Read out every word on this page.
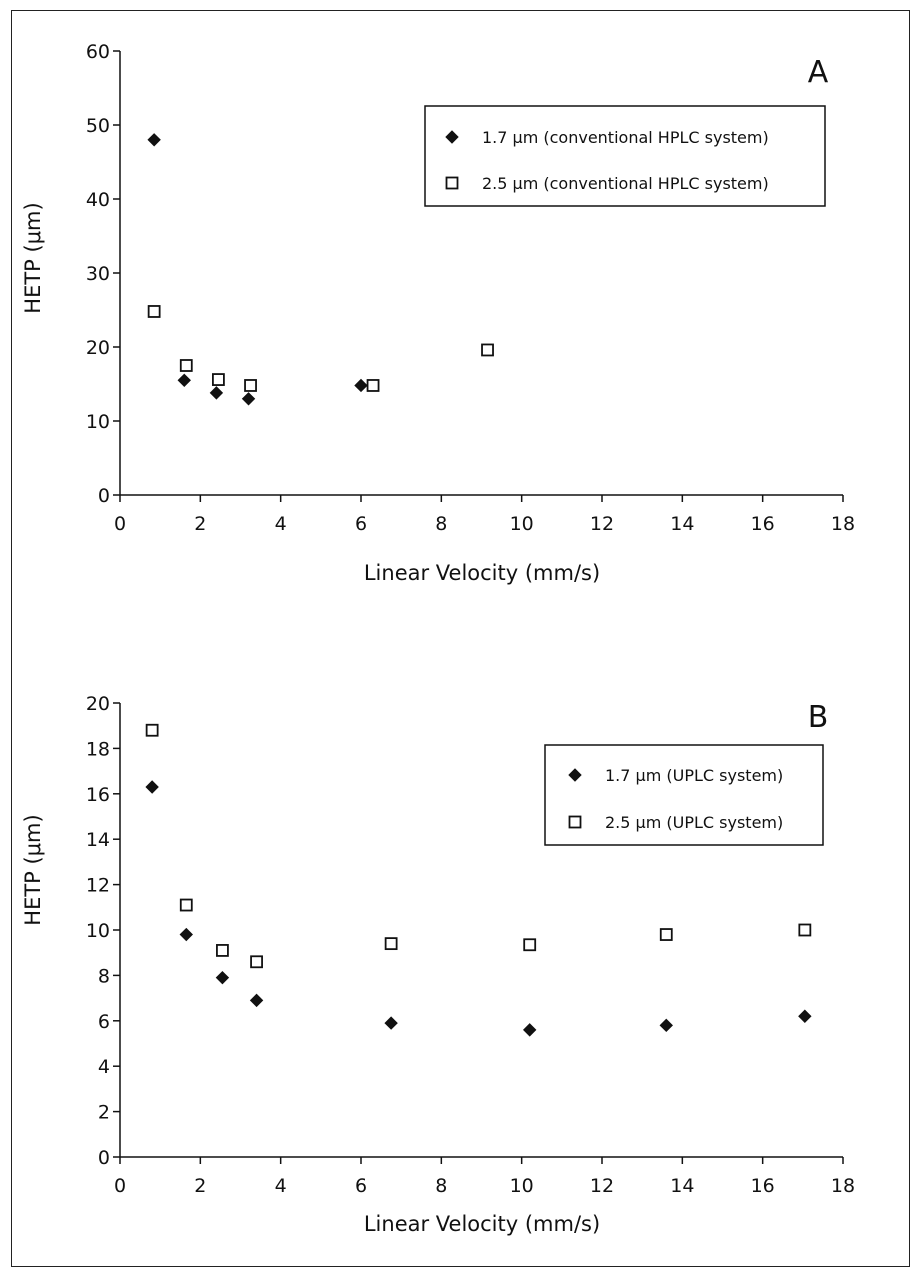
A
0
10
20
30
40
50
60
0	2	4	6	8	10	12	14	16	18
Linear Velocity (mm/s)
HETP (μm)
1.7 μm (conventional HPLC system)
2.5 μm (conventional HPLC system)
B
0
2
4
6
8
10
12
14
16
18
20
0	2	4	6	8	10	12	14	16	18
Linear Velocity (mm/s)
HETP (μm)
1.7 μm (UPLC system)
2.5 μm (UPLC system)
